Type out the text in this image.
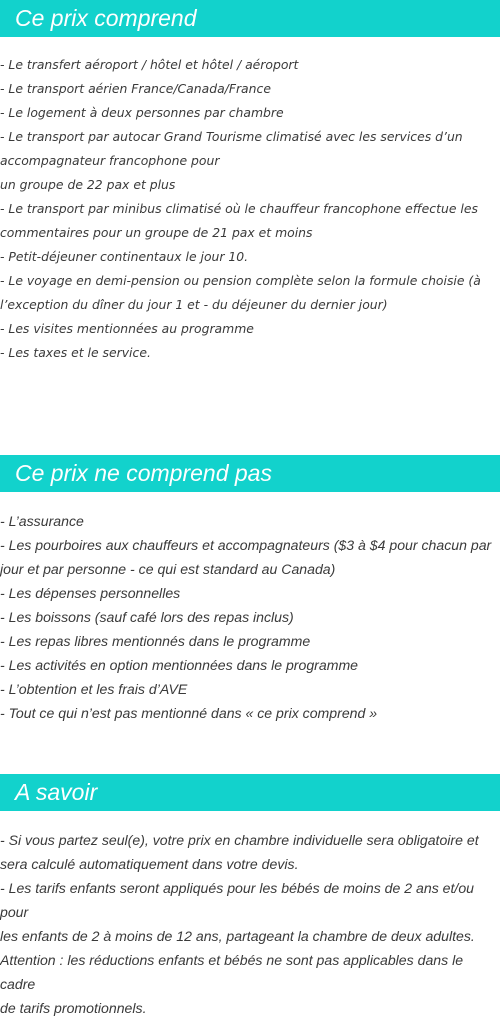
Ce prix comprend
- Le transfert aéroport / hôtel et hôtel / aéroport
- Le transport aérien France/Canada/France
- Le logement à deux personnes par chambre
- Le transport par autocar Grand Tourisme climatisé avec les services d’un
accompagnateur francophone pour
un groupe de 22 pax et plus
- Le transport par minibus climatisé où le chauffeur francophone effectue les
commentaires pour un groupe de 21 pax et moins
- Petit-déjeuner continentaux le jour 10.
- Le voyage en demi-pension ou pension complète selon la formule choisie (à
l’exception du dîner du jour 1 et - du déjeuner du dernier jour)
- Les visites mentionnées au programme
- Les taxes et le service.
Ce prix ne comprend pas
- L’assurance
- Les pourboires aux chauffeurs et accompagnateurs ($3 à $4 pour chacun par
jour et par personne - ce qui est standard au Canada)
- Les dépenses personnelles
- Les boissons (sauf café lors des repas inclus)
- Les repas libres mentionnés dans le programme
- Les activités en option mentionnées dans le programme
- L’obtention et les frais d’AVE
- Tout ce qui n’est pas mentionné dans « ce prix comprend »
A savoir
- Si vous partez seul(e), votre prix en chambre individuelle sera obligatoire et
sera calculé automatiquement dans votre devis.
- Les tarifs enfants seront appliqués pour les bébés de moins de 2 ans et/ou pour
les enfants de 2 à moins de 12 ans, partageant la chambre de deux adultes.
Attention : les réductions enfants et bébés ne sont pas applicables dans le cadre
de tarifs promotionnels.
